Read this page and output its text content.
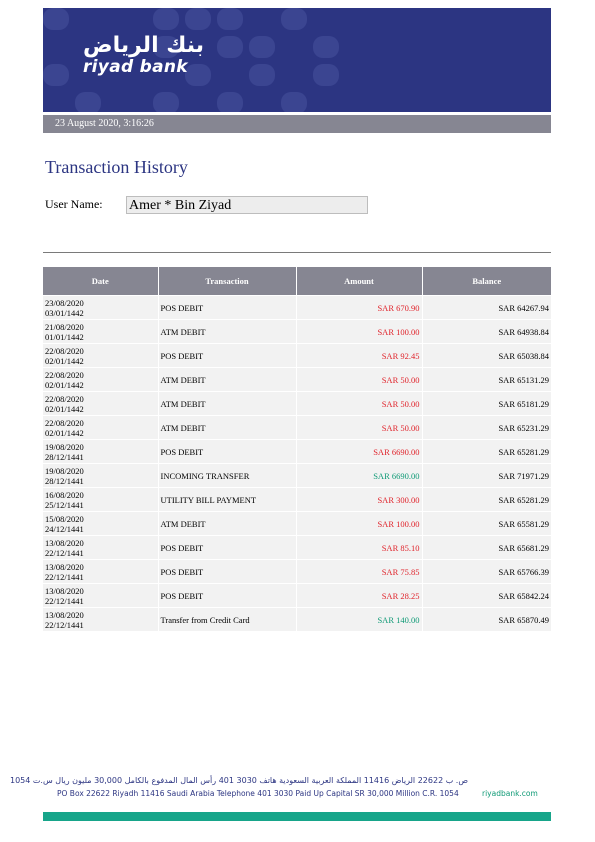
بنك الرياض
riyad bank
23 August 2020, 3:16:26
Transaction History
User Name: Amer * Bin Ziyad
Date	Transaction	Amount	Balance

23/08/2020
03/01/1442	POS DEBIT	SAR 670.90	SAR 64267.94

21/08/2020
01/01/1442	ATM DEBIT	SAR 100.00	SAR 64938.84

22/08/2020
02/01/1442	POS DEBIT	SAR 92.45	SAR 65038.84

22/08/2020
02/01/1442	ATM DEBIT	SAR 50.00	SAR 65131.29

22/08/2020
02/01/1442	ATM DEBIT	SAR 50.00	SAR 65181.29

22/08/2020
02/01/1442	ATM DEBIT	SAR 50.00	SAR 65231.29

19/08/2020
28/12/1441	POS DEBIT	SAR 6690.00	SAR 65281.29

19/08/2020
28/12/1441	INCOMING TRANSFER	SAR 6690.00	SAR 71971.29

16/08/2020
25/12/1441	UTILITY BILL PAYMENT	SAR 300.00	SAR 65281.29

15/08/2020
24/12/1441	ATM DEBIT	SAR 100.00	SAR 65581.29

13/08/2020
22/12/1441	POS DEBIT	SAR 85.10	SAR 65681.29

13/08/2020
22/12/1441	POS DEBIT	SAR 75.85	SAR 65766.39

13/08/2020
22/12/1441	POS DEBIT	SAR 28.25	SAR 65842.24

13/08/2020
22/12/1441	Transfer from Credit Card	SAR 140.00	SAR 65870.49
ص. ب 22622 الرياض 11416 المملكة العربية السعودية هاتف 3030 401 رأس المال المدفوع بالكامل 30,000 مليون ريال س.ت 1054
PO Box 22622 Riyadh 11416 Saudi Arabia Telephone 401 3030 Paid Up Capital SR 30,000 Million C.R. 1054	riyadbank.com
